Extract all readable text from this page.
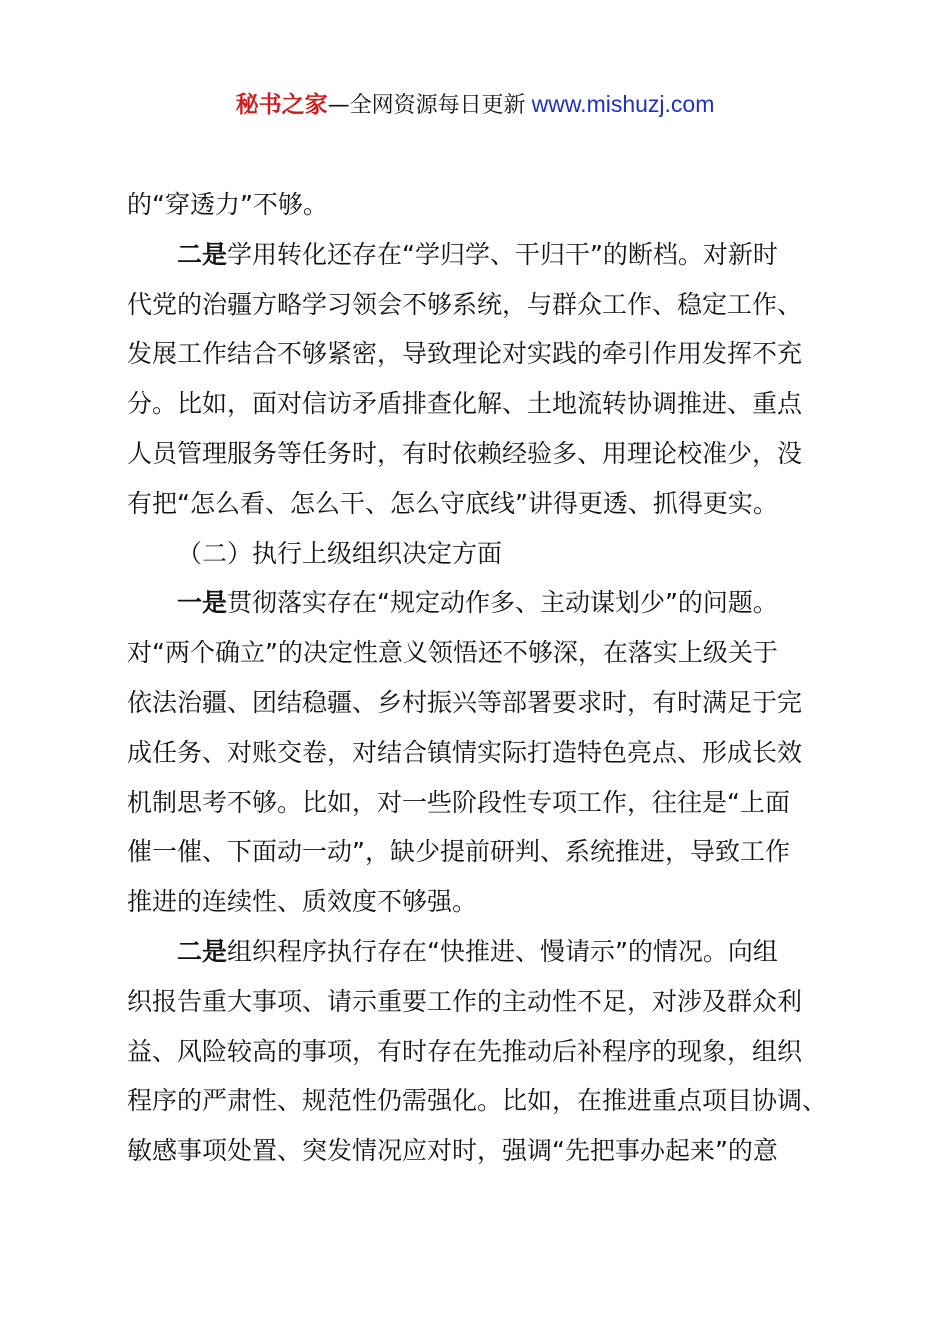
秘书之家—全网资源每日更新 www.mishuzj.com
的“穿透力”不够。
二是学用转化还存在“学归学、干归干”的断档。对新时
代党的治疆方略学习领会不够系统，与群众工作、稳定工作、
发展工作结合不够紧密，导致理论对实践的牵引作用发挥不充
分。比如，面对信访矛盾排查化解、土地流转协调推进、重点
人员管理服务等任务时，有时依赖经验多、用理论校准少，没
有把“怎么看、怎么干、怎么守底线”讲得更透、抓得更实。
（二）执行上级组织决定方面
一是贯彻落实存在“规定动作多、主动谋划少”的问题。
对“两个确立”的决定性意义领悟还不够深，在落实上级关于
依法治疆、团结稳疆、乡村振兴等部署要求时，有时满足于完
成任务、对账交卷，对结合镇情实际打造特色亮点、形成长效
机制思考不够。比如，对一些阶段性专项工作，往往是“上面
催一催、下面动一动”，缺少提前研判、系统推进，导致工作
推进的连续性、质效度不够强。
二是组织程序执行存在“快推进、慢请示”的情况。向组
织报告重大事项、请示重要工作的主动性不足，对涉及群众利
益、风险较高的事项，有时存在先推动后补程序的现象，组织
程序的严肃性、规范性仍需强化。比如，在推进重点项目协调、
敏感事项处置、突发情况应对时，强调“先把事办起来”的意
